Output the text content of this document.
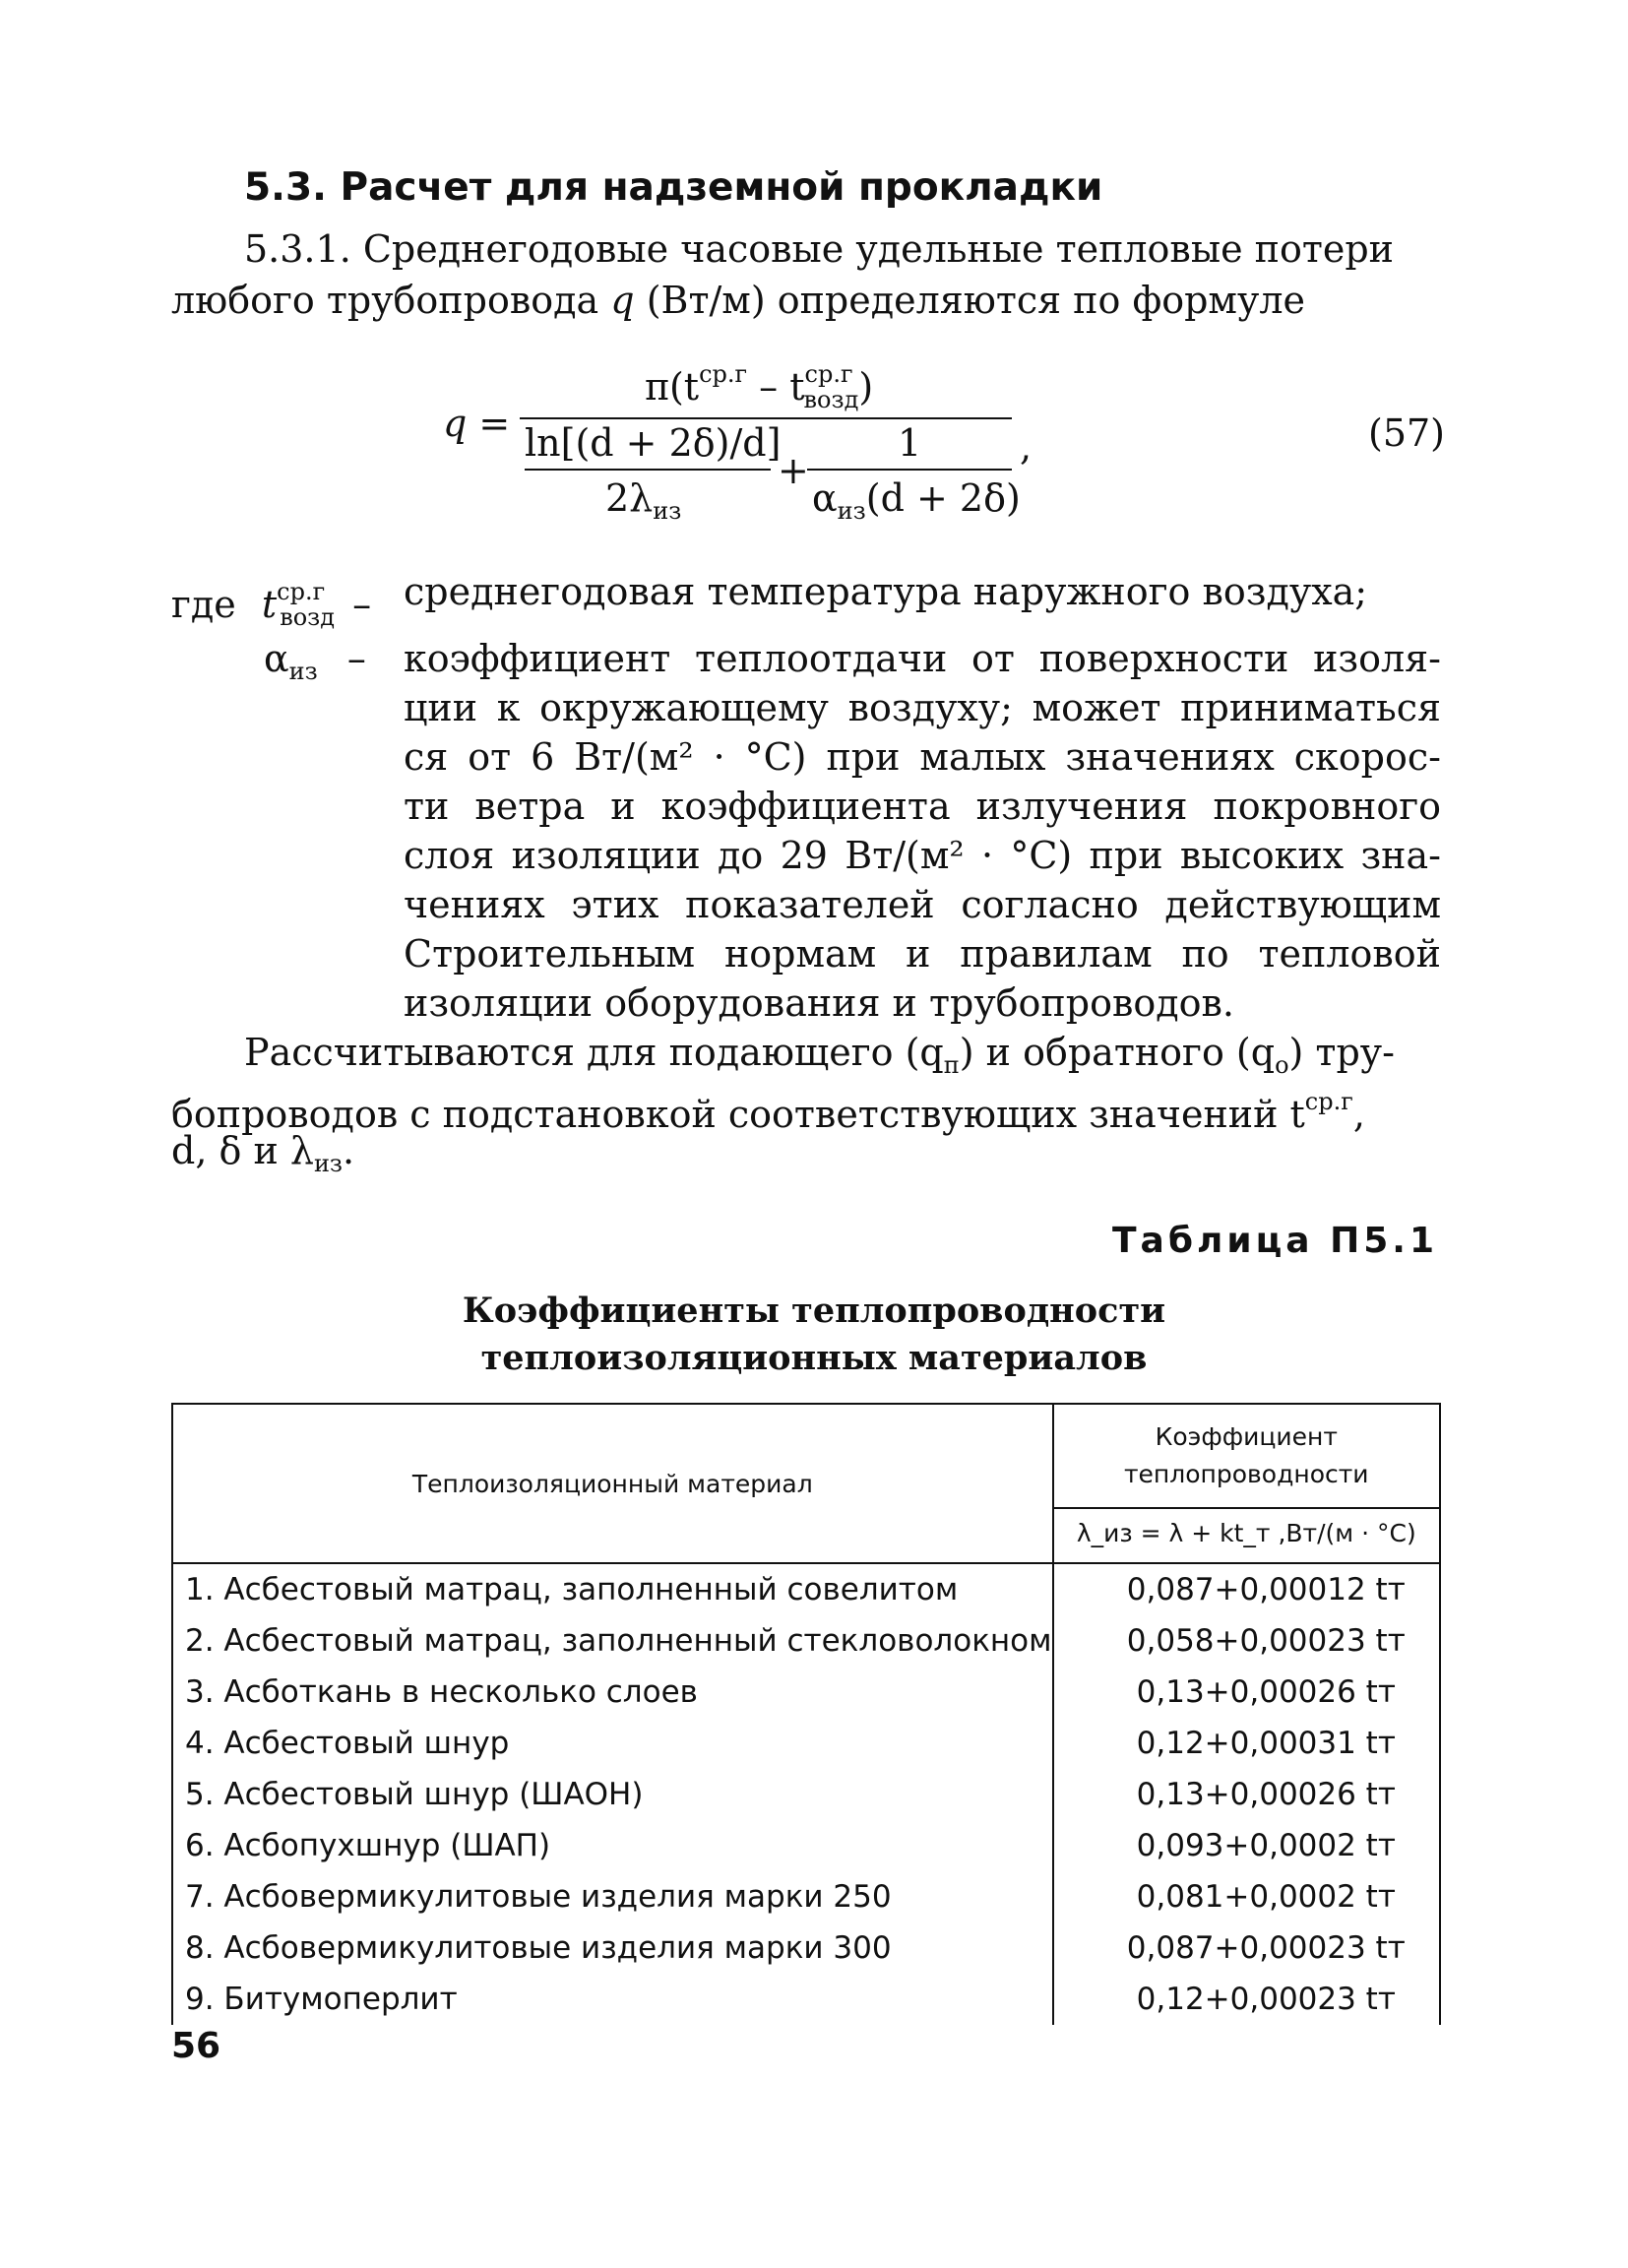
5.3. Расчет для надземной прокладки
5.3.1. Среднегодовые часовые удельные тепловые потери
любого трубопровода q (Вт/м) определяются по формуле
q =
$\pi(t^{ср.г} - t^{ср.г}_{возд})$
ln[(d + 2δ)/d]
$2\lambda_{из}$
+
1
$\alpha_{из}(d + 2\delta)$
,	(57)
где $t^{ср.г}_{возд}$ – среднегодовая температура наружного воздуха;
$\alpha_{из}$ – коэффициент теплоотдачи от поверхности изоля-
ции к окружающему воздуху; может приниматься
ся от 6 Вт/(м² · °С) при малых значениях скорос-
ти ветра и коэффициента излучения покровного
слоя изоляции до 29 Вт/(м² · °С) при высоких зна-
чениях этих показателей согласно действующим
Строительным нормам и правилам по тепловой
изоляции оборудования и трубопроводов.
Рассчитываются для подающего $(q_п)$ и обратного $(q_о)$ тру-
бопроводов с подстановкой соответствующих значений $t^{ср.г}$,
d, δ и $\lambda_{из}$.
Таблица П5.1
Коэффициенты теплопроводности
теплоизоляционных материалов
Теплоизоляционный материал	Коэффициент
теплопроводности
λ_из = λ + kt_т ,Вт/(м · °С)

1. Асбестовый матрац, заполненный совелитом	0,087+0,00012 tт
2. Асбестовый матрац, заполненный стекловолокном	0,058+0,00023 tт
3. Асботкань в несколько слоев	0,13+0,00026 tт
4. Асбестовый шнур	0,12+0,00031 tт
5. Асбестовый шнур (ШАОН)	0,13+0,00026 tт
6. Асбопухшнур (ШАП)	0,093+0,0002 tт
7. Асбовермикулитовые изделия марки 250	0,081+0,0002 tт
8. Асбовермикулитовые изделия марки 300	0,087+0,00023 tт
9. Битумоперлит	0,12+0,00023 tт
56
